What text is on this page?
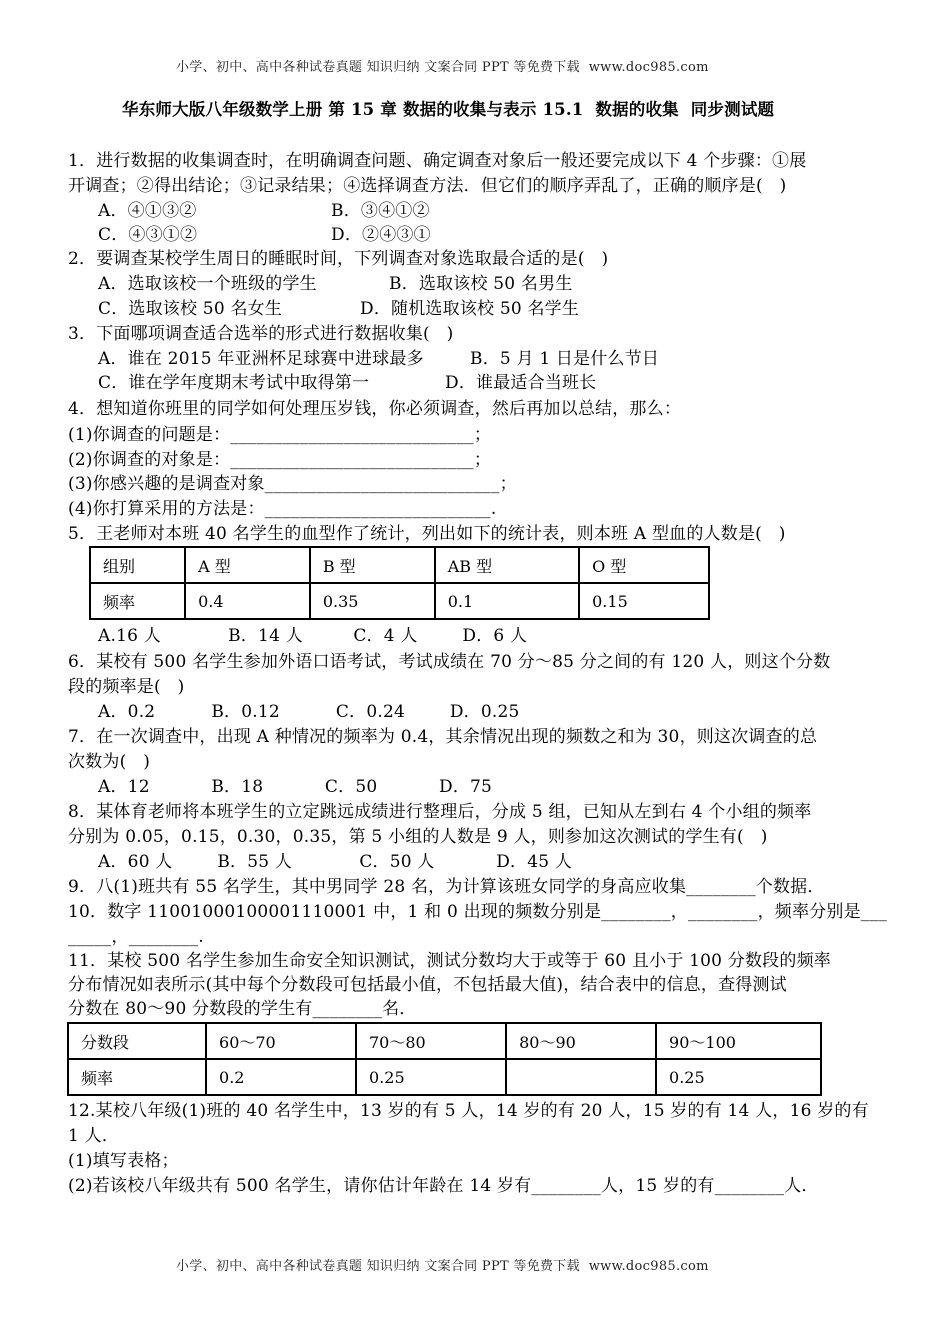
小学、初中、高中各种试卷真题 知识归纳 文案合同 PPT 等免费下载  www.doc985.com
华东师大版八年级数学上册 第 15 章 数据的收集与表示 15.1  数据的收集  同步测试题
1．进行数据的收集调查时，在明确调查问题、确定调查对象后一般还要完成以下 4 个步骤：①展
开调查；②得出结论；③记录结果；④选择调查方法．但它们的顺序弄乱了，正确的顺序是(   )
A．④①③②	B．③④①②
C．④③①②	D．②④③①
2．要调查某校学生周日的睡眠时间，下列调查对象选取最合适的是(   )
A．选取该校一个班级的学生	B．选取该校 50 名男生
C．选取该校 50 名女生	D．随机选取该校 50 名学生
3．下面哪项调查适合选举的形式进行数据收集(   )
A．谁在 2015 年亚洲杯足球赛中进球最多	B．5 月 1 日是什么节日
C．谁在学年度期末考试中取得第一	D．谁最适合当班长
4．想知道你班里的同学如何处理压岁钱，你必须调查，然后再加以总结，那么：
(1)你调查的问题是：____________________________；
(2)你调查的对象是：____________________________；
(3)你感兴趣的是调查对象___________________________；
(4)你打算采用的方法是：__________________________.
5．王老师对本班 40 名学生的血型作了统计，列出如下的统计表，则本班 A 型血的人数是(   )
组别	A 型	B 型	AB 型	O 型
频率	0.4	0.35	0.1	0.15
A.16 人            B．14 人         C．4 人        D．6 人
6．某校有 500 名学生参加外语口语考试，考试成绩在 70 分～85 分之间的有 120 人，则这个分数
段的频率是(   )
A．0.2          B．0.12          C．0.24        D．0.25
7．在一次调查中，出现 A 种情况的频率为 0.4，其余情况出现的频数之和为 30，则这次调查的总
次数为(   )
A．12           B．18           C．50           D．75
8．某体育老师将本班学生的立定跳远成绩进行整理后，分成 5 组，已知从左到右 4 个小组的频率
分别为 0.05，0.15，0.30，0.35，第 5 小组的人数是 9 人，则参加这次测试的学生有(   )
A．60 人        B．55 人            C．50 人           D．45 人
9．八(1)班共有 55 名学生，其中男同学 28 名，为计算该班女同学的身高应收集________个数据．
10．数字 11001000100001110001 中，1 和 0 出现的频数分别是________，________，频率分别是___
_____，________.
11．某校 500 名学生参加生命安全知识测试，测试分数均大于或等于 60 且小于 100 分数段的频率
分布情况如表所示(其中每个分数段可包括最小值，不包括最大值)，结合表中的信息，查得测试
分数在 80～90 分数段的学生有________名．
分数段	60～70	70～80	80～90	90～100
频率	0.2	0.25		0.25
12.某校八年级(1)班的 40 名学生中，13 岁的有 5 人，14 岁的有 20 人，15 岁的有 14 人，16 岁的有
1 人．
(1)填写表格；
(2)若该校八年级共有 500 名学生，请你估计年龄在 14 岁有________人，15 岁的有________人．
小学、初中、高中各种试卷真题 知识归纳 文案合同 PPT 等免费下载  www.doc985.com
